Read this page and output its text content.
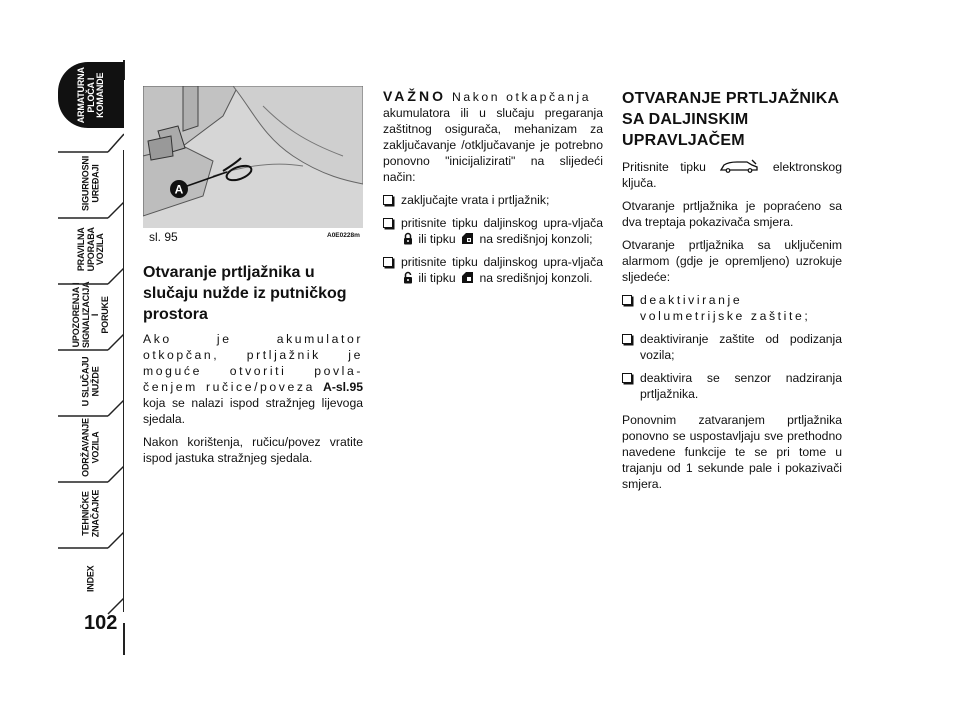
ARMATURNA
PLOČA I
KOMANDE
SIGURNOSNI
UREĐAJI
PRAVILNA
UPORABA
VOZILA
UPOZORENJA I
SIGNALIZACIJA I
PORUKE
U SLUČAJU
NUŽDE
ODRŽAVANJE
VOZILA
TEHNIČKE
ZNAČAJKE
INDEX
102
A
sl. 95	A0E0228m
Otvaranje prtljažnika u slučaju nužde iz putničkog prostora

Ako je akumulator otkopčan, prtljažnik je moguće otvoriti povla-čenjem ručice/poveza A-sl.95 koja se nalazi ispod stražnjeg lijevoga sjedala.

Nakon korištenja, ručicu/povez vratite ispod jastuka stražnjeg sjedala.

VAŽNO Nakon otkapčanja

akumulatora ili u slučaju pregaranja zaštitnog osigurača, mehanizam za zaključavanje /otključavanje je potrebno ponovno "inicijalizirati" na slijedeći način:

zaključajte vrata i prtljažnik;
pritisnite tipku daljinskog upra-vljača  ili tipku na središnjoj konzoli;
pritisnite tipku daljinskog upra-vljača  ili tipku na središnjoj konzoli.
OTVARANJE PRTLJAŽNIKA SA DALJINSKIM UPRAVLJAČEM

Pritisnite tipku	elektronskog ključa.

Otvaranje prtljažnika je popraćeno sa dva treptaja pokazivača smjera.

Otvaranje prtljažnika sa uključenim alarmom (gdje je opremljeno) uzrokuje sljedeće:

deaktiviranje volumetrijske zaštite;
deaktiviranje zaštite od podizanja vozila;
deaktivira se senzor nadziranja prtljažnika.

Ponovnim zatvaranjem prtljažnika ponovno se uspostavljaju sve prethodno navedene funkcije te se pri tome u trajanju od 1 sekunde pale i pokazivači smjera.
